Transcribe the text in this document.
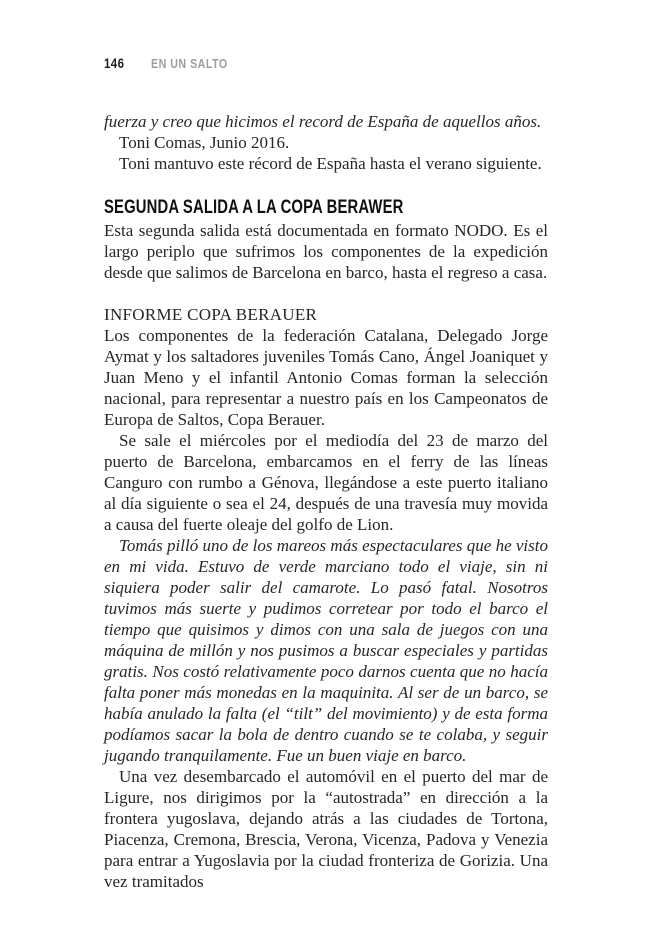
146 EN UN SALTO

fuerza y creo que hicimos el record de España de aquellos años.

Toni Comas, Junio 2016.

Toni mantuvo este récord de España hasta el verano siguiente.

SEGUNDA SALIDA A LA COPA BERAWER

Esta segunda salida está documentada en formato NODO. Es el largo periplo que sufrimos los componentes de la expedición desde que salimos de Barcelona en barco, hasta el regreso a casa.

INFORME COPA BERAUER

Los componentes de la federación Catalana, Delegado Jorge Aymat y los saltadores juveniles Tomás Cano, Ángel Joaniquet y Juan Meno y el infantil Antonio Comas forman la selección nacional, para representar a nuestro país en los Campeonatos de Europa de Saltos, Copa Berauer.

Se sale el miércoles por el mediodía del 23 de marzo del puerto de Barcelona, embarcamos en el ferry de las líneas Canguro con rumbo a Génova, llegándose a este puerto italiano al día siguiente o sea el 24, después de una travesía muy movida a causa del fuerte oleaje del golfo de Lion.

Tomás pilló uno de los mareos más espectaculares que he visto en mi vida. Estuvo de verde marciano todo el viaje, sin ni siquiera poder salir del camarote. Lo pasó fatal. Nosotros tuvimos más suerte y pudimos corretear por todo el barco el tiempo que quisimos y dimos con una sala de juegos con una máquina de millón y nos pusimos a buscar especiales y partidas gratis. Nos costó relativamente poco darnos cuenta que no hacía falta poner más monedas en la maquinita. Al ser de un barco, se había anulado la falta (el “tilt” del movimiento) y de esta forma podíamos sacar la bola de dentro cuando se te colaba, y seguir jugando tranquilamente. Fue un buen viaje en barco.

Una vez desembarcado el automóvil en el puerto del mar de Ligure, nos dirigimos por la “autostrada” en dirección a la frontera yugoslava, dejando atrás a las ciudades de Tortona, Piacenza, Cremona, Brescia, Verona, Vicenza, Padova y Venezia para entrar a Yugoslavia por la ciudad fronteriza de Gorizia. Una vez tramitados
